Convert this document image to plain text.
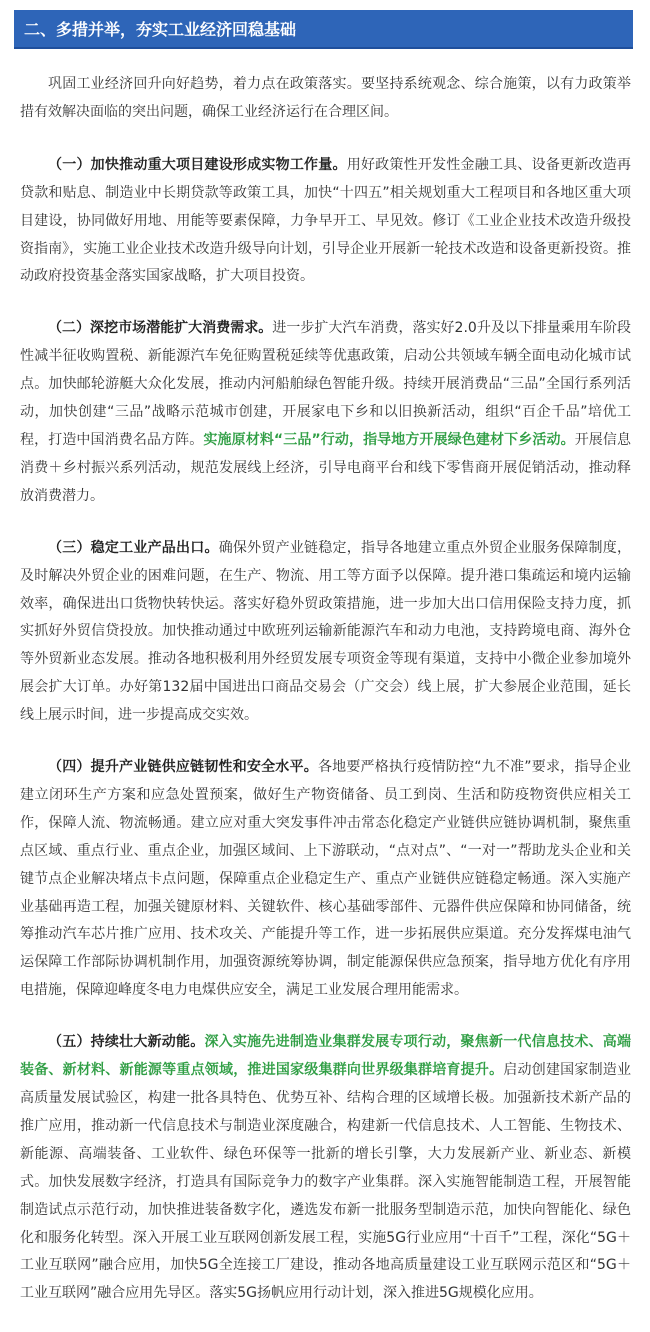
二、多措并举，夯实工业经济回稳基础

巩固工业经济回升向好趋势，着力点在政策落实。要坚持系统观念、综合施策，以有力政策举措有效解决面临的突出问题，确保工业经济运行在合理区间。

（一）加快推动重大项目建设形成实物工作量。用好政策性开发性金融工具、设备更新改造再贷款和贴息、制造业中长期贷款等政策工具，加快“十四五”相关规划重大工程项目和各地区重大项目建设，协同做好用地、用能等要素保障，力争早开工、早见效。修订《工业企业技术改造升级投资指南》，实施工业企业技术改造升级导向计划，引导企业开展新一轮技术改造和设备更新投资。推动政府投资基金落实国家战略，扩大项目投资。

（二）深挖市场潜能扩大消费需求。进一步扩大汽车消费，落实好2.0升及以下排量乘用车阶段性减半征收购置税、新能源汽车免征购置税延续等优惠政策，启动公共领域车辆全面电动化城市试点。加快邮轮游艇大众化发展，推动内河船舶绿色智能升级。持续开展消费品“三品”全国行系列活动，加快创建“三品”战略示范城市创建，开展家电下乡和以旧换新活动，组织“百企千品”培优工程，打造中国消费名品方阵。实施原材料“三品”行动，指导地方开展绿色建材下乡活动。开展信息消费＋乡村振兴系列活动，规范发展线上经济，引导电商平台和线下零售商开展促销活动，推动释放消费潜力。

（三）稳定工业产品出口。确保外贸产业链稳定，指导各地建立重点外贸企业服务保障制度，及时解决外贸企业的困难问题，在生产、物流、用工等方面予以保障。提升港口集疏运和境内运输效率，确保进出口货物快转快运。落实好稳外贸政策措施，进一步加大出口信用保险支持力度，抓实抓好外贸信贷投放。加快推动通过中欧班列运输新能源汽车和动力电池，支持跨境电商、海外仓等外贸新业态发展。推动各地积极利用外经贸发展专项资金等现有渠道，支持中小微企业参加境外展会扩大订单。办好第132届中国进出口商品交易会（广交会）线上展，扩大参展企业范围，延长线上展示时间，进一步提高成交实效。

（四）提升产业链供应链韧性和安全水平。各地要严格执行疫情防控“九不准”要求，指导企业建立闭环生产方案和应急处置预案，做好生产物资储备、员工到岗、生活和防疫物资供应相关工作，保障人流、物流畅通。建立应对重大突发事件冲击常态化稳定产业链供应链协调机制，聚焦重点区域、重点行业、重点企业，加强区域间、上下游联动，“点对点”、“一对一”帮助龙头企业和关键节点企业解决堵点卡点问题，保障重点企业稳定生产、重点产业链供应链稳定畅通。深入实施产业基础再造工程，加强关键原材料、关键软件、核心基础零部件、元器件供应保障和协同储备，统筹推动汽车芯片推广应用、技术攻关、产能提升等工作，进一步拓展供应渠道。充分发挥煤电油气运保障工作部际协调机制作用，加强资源统筹协调，制定能源保供应急预案，指导地方优化有序用电措施，保障迎峰度冬电力电煤供应安全，满足工业发展合理用能需求。

（五）持续壮大新动能。深入实施先进制造业集群发展专项行动，聚焦新一代信息技术、高端装备、新材料、新能源等重点领域，推进国家级集群向世界级集群培育提升。启动创建国家制造业高质量发展试验区，构建一批各具特色、优势互补、结构合理的区域增长极。加强新技术新产品的推广应用，推动新一代信息技术与制造业深度融合，构建新一代信息技术、人工智能、生物技术、新能源、高端装备、工业软件、绿色环保等一批新的增长引擎，大力发展新产业、新业态、新模式。加快发展数字经济，打造具有国际竞争力的数字产业集群。深入实施智能制造工程，开展智能制造试点示范行动，加快推进装备数字化，遴选发布新一批服务型制造示范，加快向智能化、绿色化和服务化转型。深入开展工业互联网创新发展工程，实施5G行业应用“十百千”工程，深化“5G＋工业互联网”融合应用，加快5G全连接工厂建设，推动各地高质量建设工业互联网示范区和“5G＋工业互联网”融合应用先导区。落实5G扬帆应用行动计划，深入推进5G规模化应用。
